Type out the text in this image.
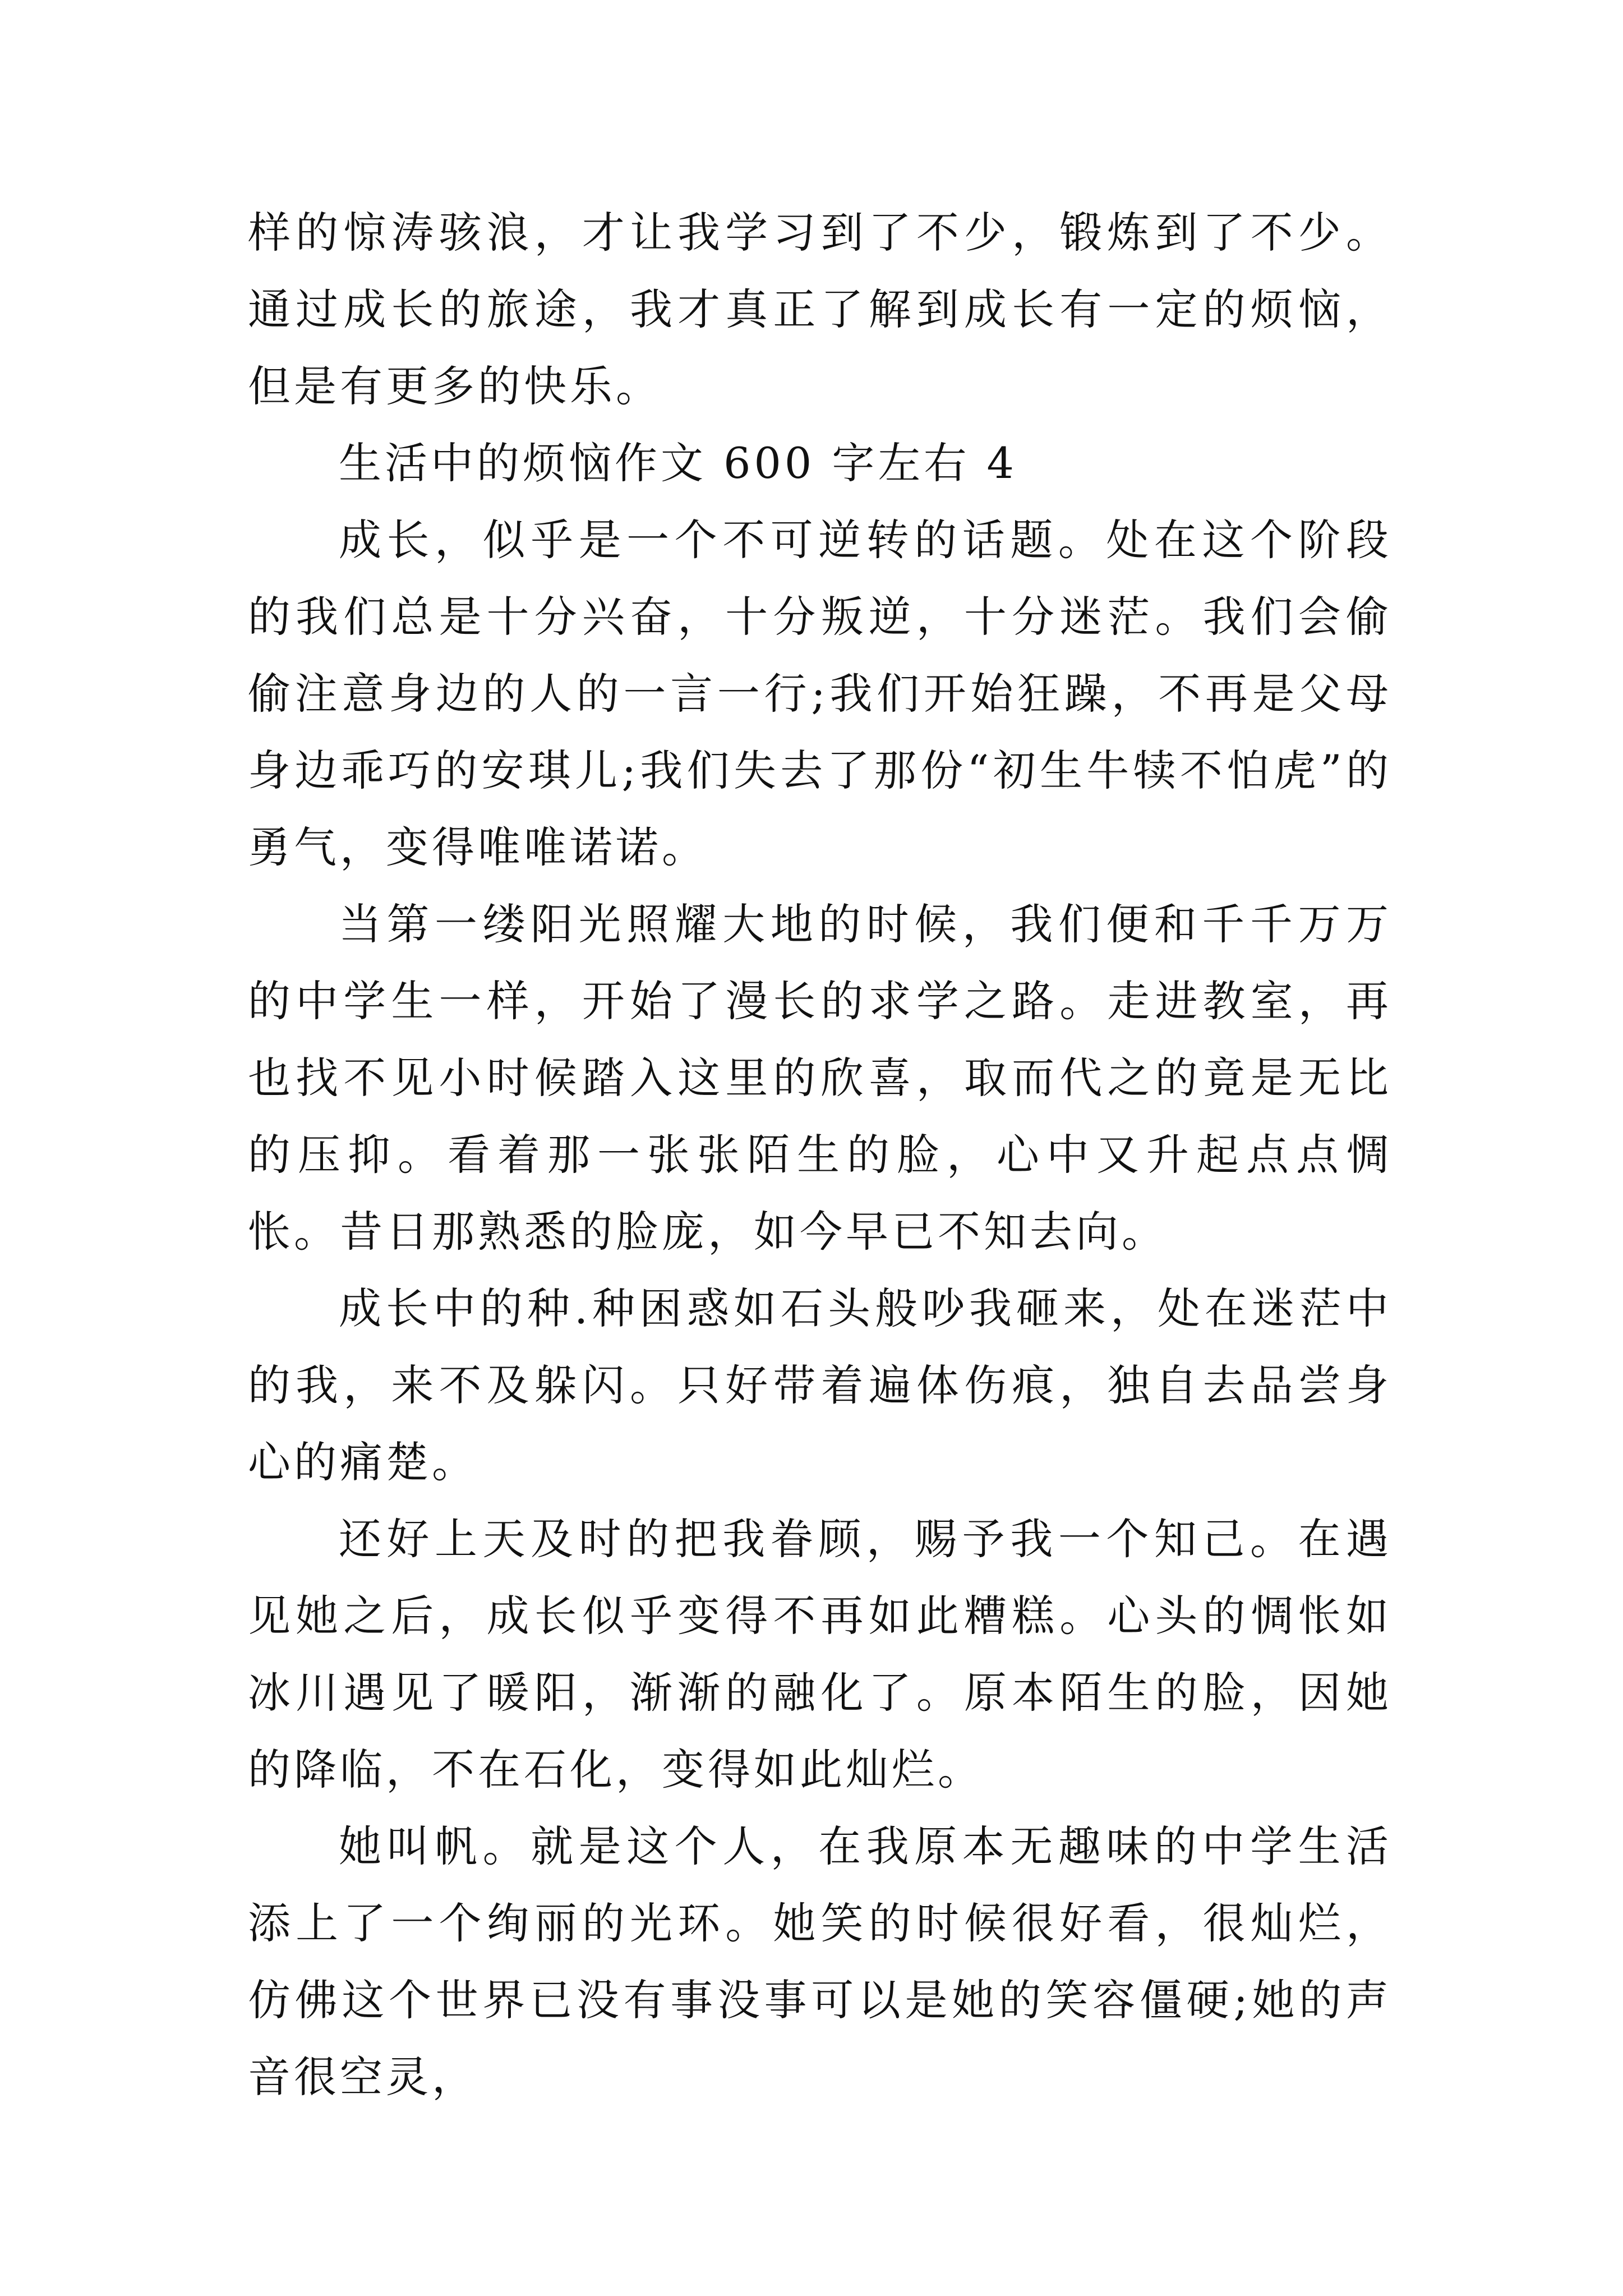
样的惊涛骇浪，才让我学习到了不少，锻炼到了不少。通过成长的旅途，我才真正了解到成长有一定的烦恼，但是有更多的快乐。

生活中的烦恼作文 600 字左右 4

成长，似乎是一个不可逆转的话题。处在这个阶段的我们总是十分兴奋，十分叛逆，十分迷茫。我们会偷偷注意身边的人的一言一行;我们开始狂躁，不再是父母身边乖巧的安琪儿;我们失去了那份“初生牛犊不怕虎”的勇气，变得唯唯诺诺。

当第一缕阳光照耀大地的时候，我们便和千千万万的中学生一样，开始了漫长的求学之路。走进教室，再也找不见小时候踏入这里的欣喜，取而代之的竟是无比的压抑。看着那一张张陌生的脸，心中又升起点点惆怅。昔日那熟悉的脸庞，如今早已不知去向。

成长中的种.种困惑如石头般吵我砸来，处在迷茫中的我，来不及躲闪。只好带着遍体伤痕，独自去品尝身心的痛楚。

还好上天及时的把我眷顾，赐予我一个知己。在遇见她之后，成长似乎变得不再如此糟糕。心头的惆怅如冰川遇见了暖阳，渐渐的融化了。原本陌生的脸，因她的降临，不在石化，变得如此灿烂。

她叫帆。就是这个人，在我原本无趣味的中学生活添上了一个绚丽的光环。她笑的时候很好看，很灿烂，仿佛这个世界已没有事没事可以是她的笑容僵硬;她的声音很空灵，
